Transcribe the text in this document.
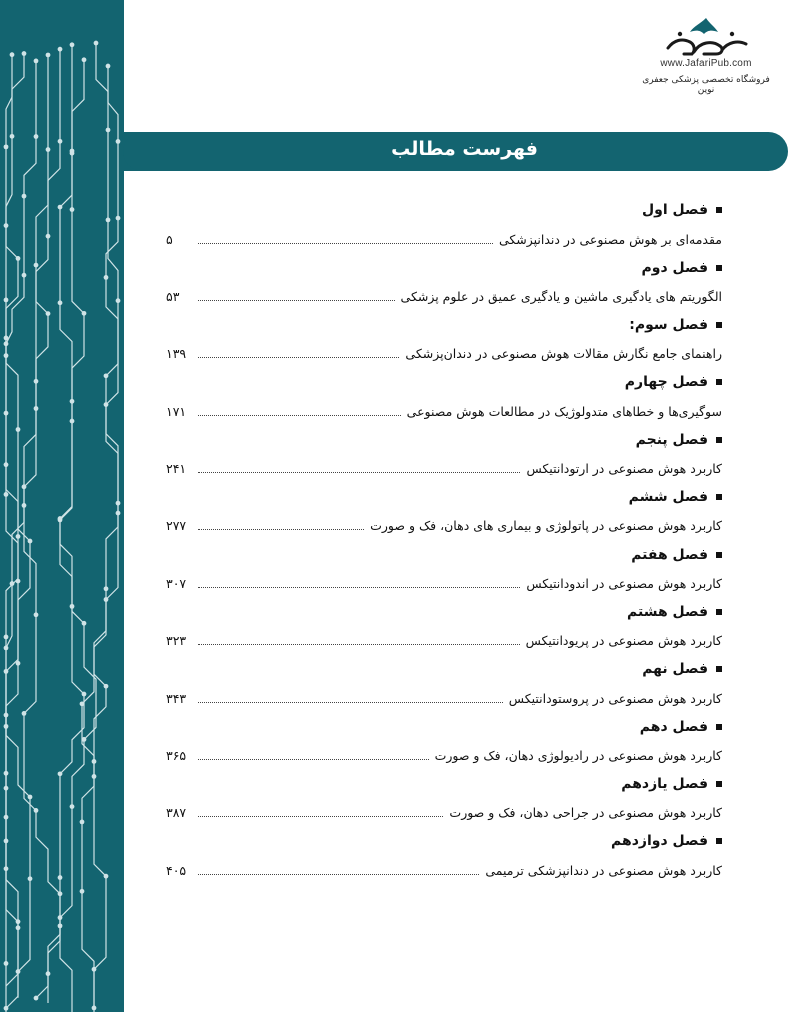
www.JafariPub.com
فروشگاه تخصصی پزشکی جعفری نوین
فهرست مطالب
فصل اول
مقدمه‌ای بر هوش مصنوعی در دندانپزشکی
۵
فصل دوم
الگوریتم های یادگیری ماشین و یادگیری عمیق در علوم پزشکی
۵۳
فصل سوم:
راهنمای جامع نگارش مقالات هوش مصنوعی در دندان‌پزشکی
۱۳۹
فصل چهارم
سوگیری‌ها و خطاهای متدولوژیک در مطالعات هوش مصنوعی
۱۷۱
فصل پنجم
کاربرد هوش مصنوعی در ارتودانتیکس
۲۴۱
فصل ششم
کاربرد هوش مصنوعی در پاتولوژی و بیماری های دهان، فک و صورت
۲۷۷
فصل هفتم
کاربرد هوش مصنوعی در اندودانتیکس
۳۰۷
فصل هشتم
کاربرد هوش مصنوعی در پریودانتیکس
۳۲۳
فصل نهم
کاربرد هوش مصنوعی در پروستودانتیکس
۳۴۳
فصل دهم
کاربرد هوش مصنوعی در رادیولوژی دهان، فک و صورت
۳۶۵
فصل یازدهم
کاربرد هوش مصنوعی در جراحی دهان، فک و صورت
۳۸۷
فصل دوازدهم
کاربرد هوش مصنوعی در دندانپزشکی ترمیمی
۴۰۵
